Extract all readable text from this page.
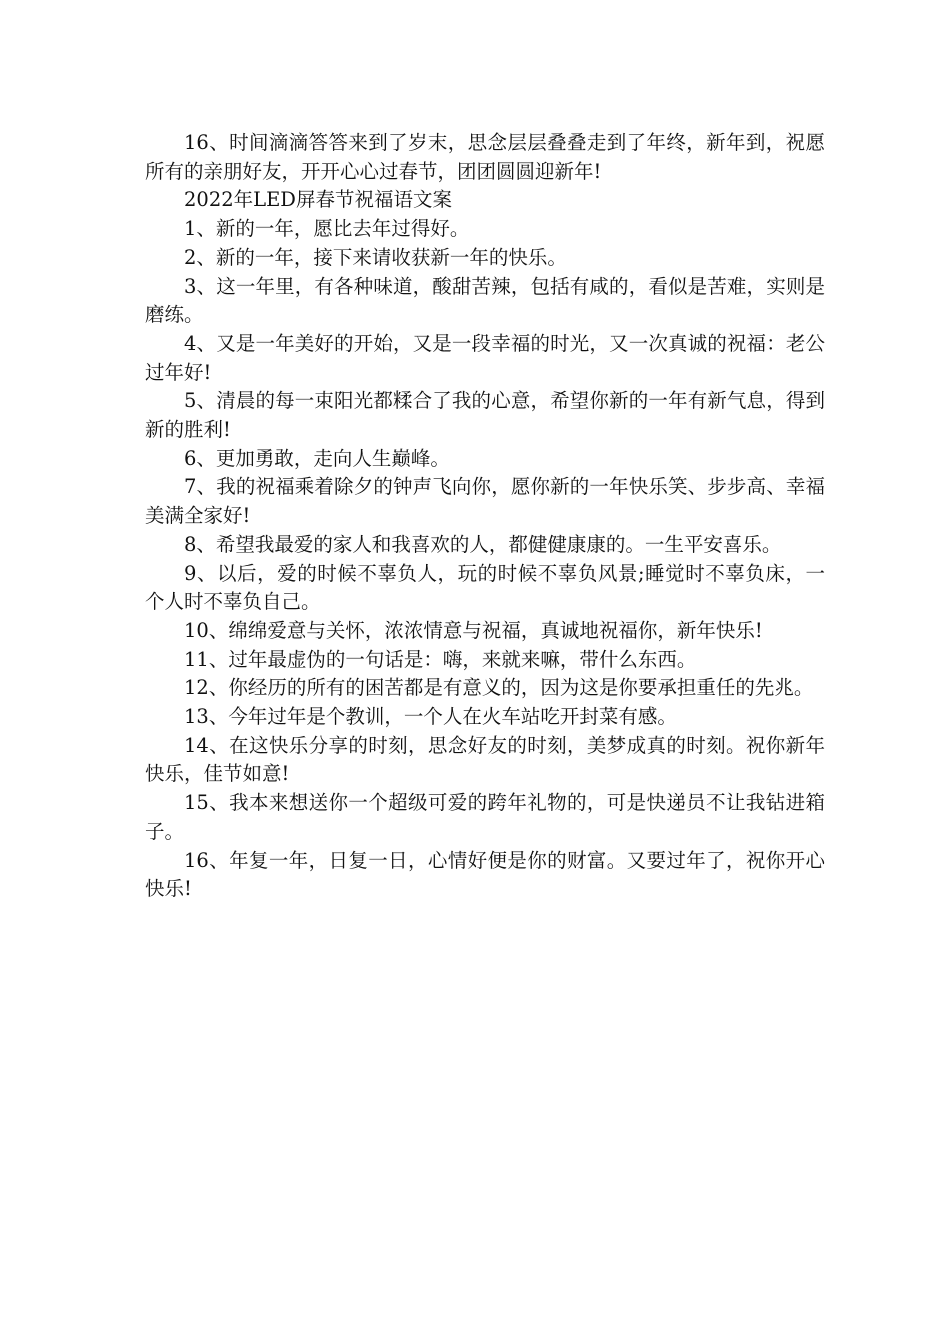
16、时间滴滴答答来到了岁末，思念层层叠叠走到了年终，新年到，祝愿所有的亲朋好友，开开心心过春节，团团圆圆迎新年!

2022年LED屏春节祝福语文案

1、新的一年，愿比去年过得好。

2、新的一年，接下来请收获新一年的快乐。

3、这一年里，有各种味道，酸甜苦辣，包括有咸的，看似是苦难，实则是磨练。

4、又是一年美好的开始，又是一段幸福的时光，又一次真诚的祝福：老公过年好!

5、清晨的每一束阳光都糅合了我的心意，希望你新的一年有新气息，得到新的胜利!

6、更加勇敢，走向人生巅峰。

7、我的祝福乘着除夕的钟声飞向你，愿你新的一年快乐笑、步步高、幸福美满全家好!

8、希望我最爱的家人和我喜欢的人，都健健康康的。一生平安喜乐。

9、以后，爱的时候不辜负人，玩的时候不辜负风景;睡觉时不辜负床，一个人时不辜负自己。

10、绵绵爱意与关怀，浓浓情意与祝福，真诚地祝福你，新年快乐!

11、过年最虚伪的一句话是：嗨，来就来嘛，带什么东西。

12、你经历的所有的困苦都是有意义的，因为这是你要承担重任的先兆。

13、今年过年是个教训，一个人在火车站吃开封菜有感。

14、在这快乐分享的时刻，思念好友的时刻，美梦成真的时刻。祝你新年快乐，佳节如意!

15、我本来想送你一个超级可爱的跨年礼物的，可是快递员不让我钻进箱子。

16、年复一年，日复一日，心情好便是你的财富。又要过年了，祝你开心快乐!
